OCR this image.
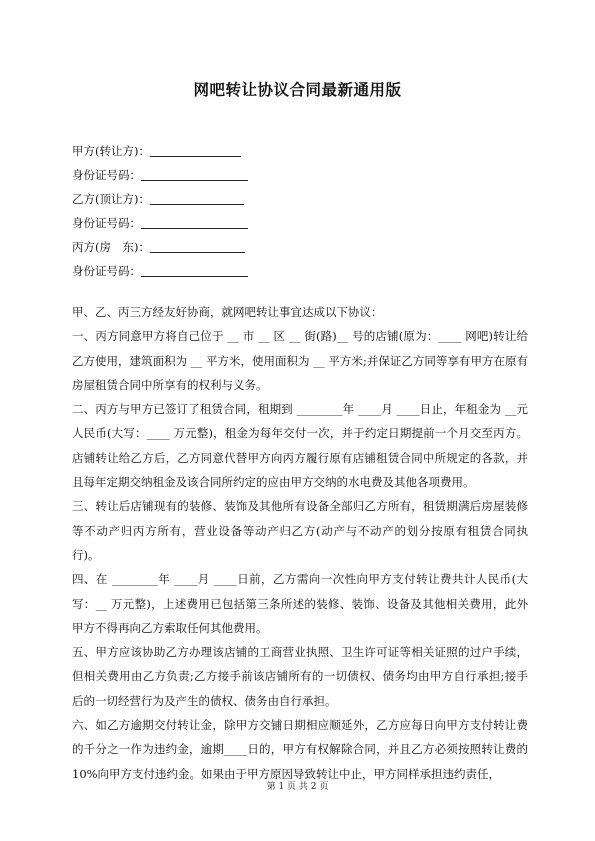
网吧转让协议合同最新通用版
甲方(转让方)：
身份证号码：
乙方(顶让方)：
身份证号码：
丙方(房　东)：
身份证号码：

甲、乙、丙三方经友好协商，就网吧转让事宜达成以下协议：

一、丙方同意甲方将自己位于 __ 市 __ 区 __ 街(路)__ 号的店铺(原为：____ 网吧)转让给乙方使用，建筑面积为 __ 平方米，使用面积为 __ 平方米;并保证乙方同等享有甲方在原有房屋租赁合同中所享有的权利与义务。

二、丙方与甲方已签订了租赁合同，租期到 ________年 ____月 ____日止，年租金为 __元人民币(大写：____ 万元整)，租金为每年交付一次，并于约定日期提前一个月交至丙方。店铺转让给乙方后，乙方同意代替甲方向丙方履行原有店铺租赁合同中所规定的各款，并且每年定期交纳租金及该合同所约定的应由甲方交纳的水电费及其他各项费用。

三、转让后店铺现有的装修、装饰及其他所有设备全部归乙方所有，租赁期满后房屋装修等不动产归丙方所有，营业设备等动产归乙方(动产与不动产的划分按原有租赁合同执行)。

四、在 ________年 ____月 ____日前，乙方需向一次性向甲方支付转让费共计人民币(大写：__ 万元整)，上述费用已包括第三条所述的装修、装饰、设备及其他相关费用，此外甲方不得再向乙方索取任何其他费用。

五、甲方应该协助乙方办理该店铺的工商营业执照、卫生许可证等相关证照的过户手续，但相关费用由乙方负责;乙方接手前该店铺所有的一切债权、债务均由甲方自行承担;接手后的一切经营行为及产生的债权、债务由自行承担。

六、如乙方逾期交付转让金，除甲方交铺日期相应顺延外，乙方应每日向甲方支付转让费的千分之一作为违约金，逾期____日的，甲方有权解除合同，并且乙方必须按照转让费的 10%向甲方支付违约金。如果由于甲方原因导致转让中止，甲方同样承担违约责任，

第 1 页 共 2 页
